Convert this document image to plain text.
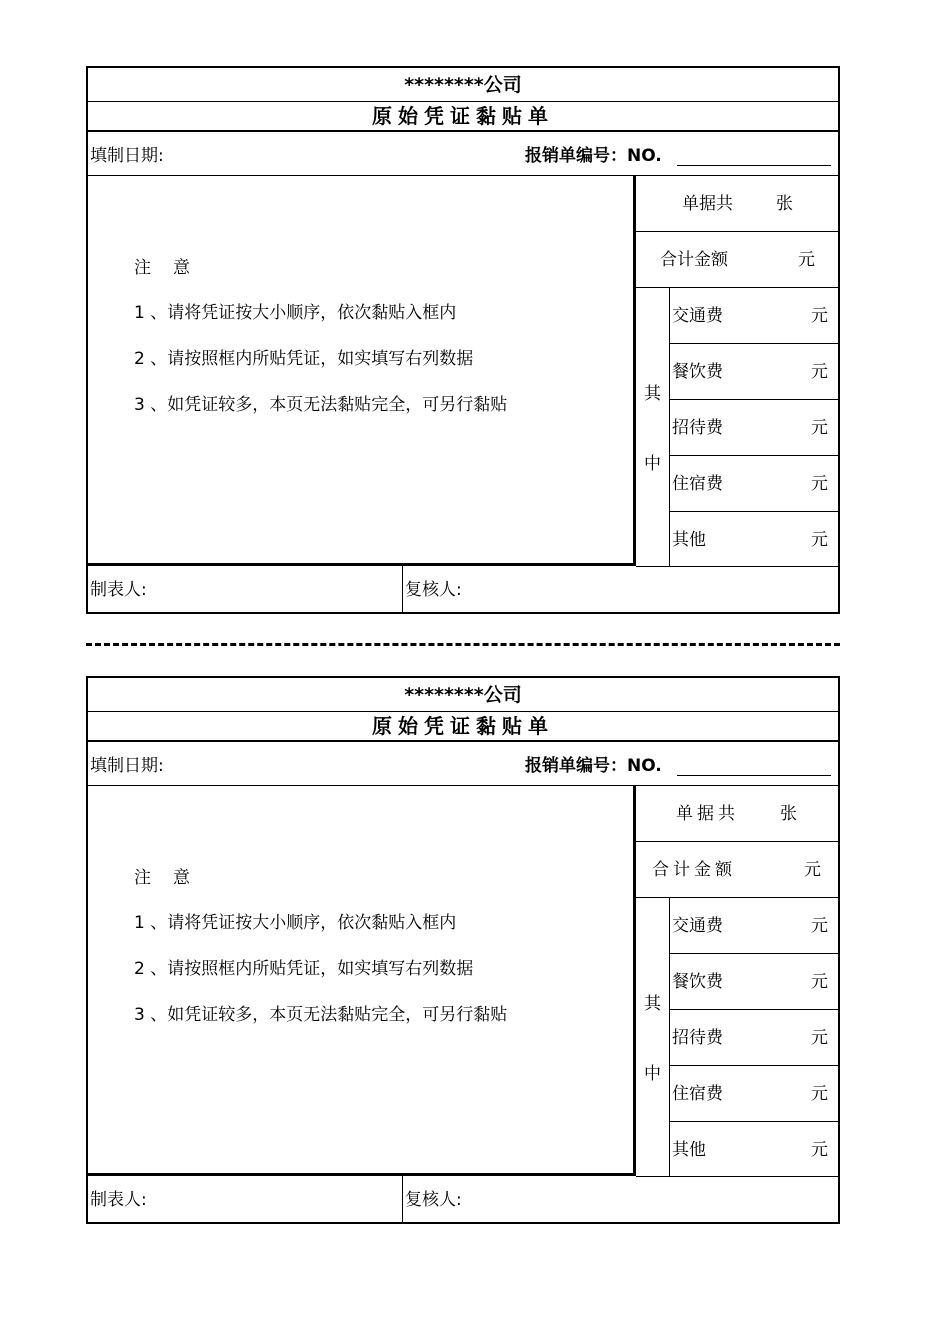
********公司
原始凭证黏贴单
填制日期:	报销单编号：NO.
注意
1 、请将凭证按大小顺序，依次黏贴入框内
2 、请按照框内所贴凭证，如实填写右列数据
3 、如凭证较多，本页无法黏贴完全，可另行黏贴
单据共	张
合计金额	元
其
中
交通费	元
餐饮费	元
招待费	元
住宿费	元
其他	元
制表人:	复核人:
********公司
原始凭证黏贴单
填制日期:	报销单编号：NO.
注意
1 、请将凭证按大小顺序，依次黏贴入框内
2 、请按照框内所贴凭证，如实填写右列数据
3 、如凭证较多，本页无法黏贴完全，可另行黏贴
单据共 张
合计金额	元
其
中
交通费	元
餐饮费	元
招待费	元
住宿费	元
其他	元
制表人:	复核人:
